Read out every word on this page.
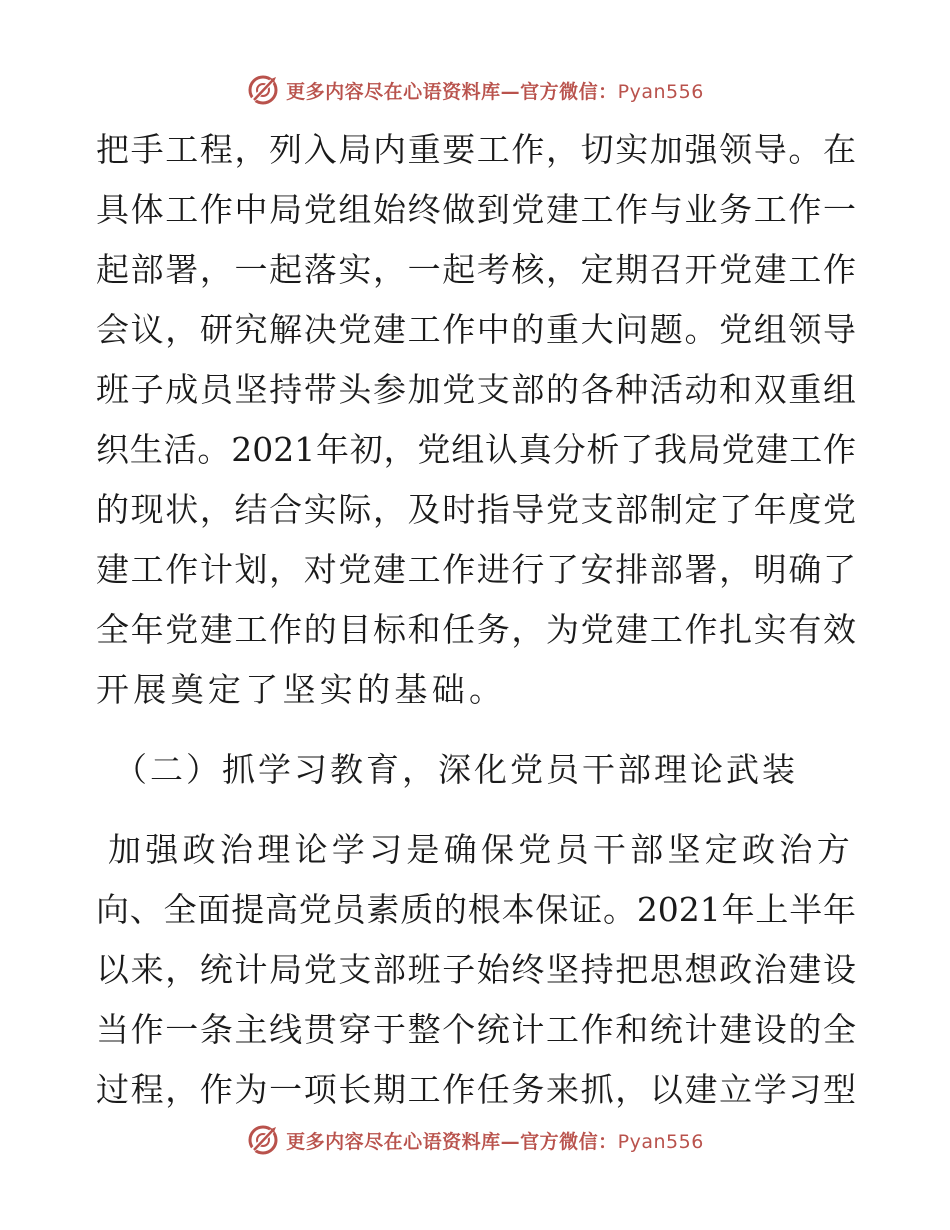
更多内容尽在心语资料库—官方微信：Pyan556
把手工程，列入局内重要工作，切实加强领导。在
具体工作中局党组始终做到党建工作与业务工作一
起部署，一起落实，一起考核，定期召开党建工作
会议，研究解决党建工作中的重大问题。党组领导
班子成员坚持带头参加党支部的各种活动和双重组
织生活。2021年初，党组认真分析了我局党建工作
的现状，结合实际，及时指导党支部制定了年度党
建工作计划，对党建工作进行了安排部署，明确了
全年党建工作的目标和任务，为党建工作扎实有效
开展奠定了坚实的基础。
（二）抓学习教育，深化党员干部理论武装
加强政治理论学习是确保党员干部坚定政治方
向、全面提高党员素质的根本保证。2021年上半年
以来，统计局党支部班子始终坚持把思想政治建设
当作一条主线贯穿于整个统计工作和统计建设的全
过程，作为一项长期工作任务来抓，以建立学习型
更多内容尽在心语资料库—官方微信：Pyan556
